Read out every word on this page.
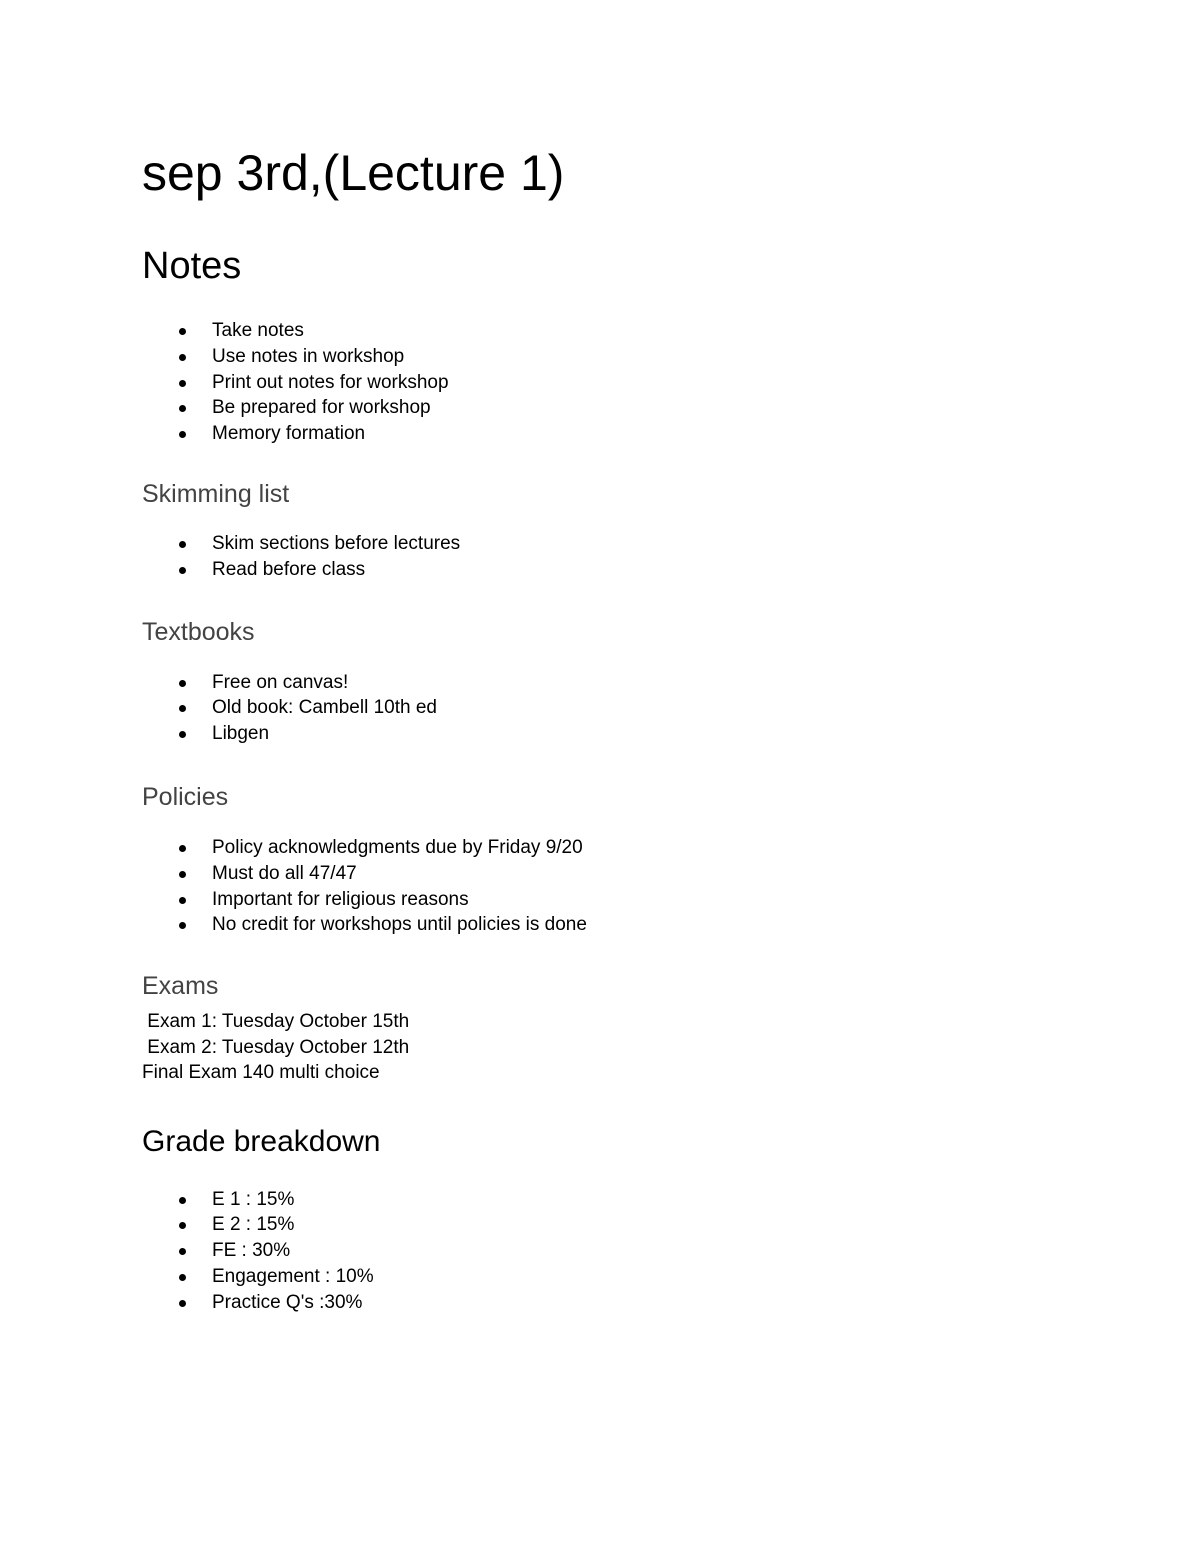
sep 3rd,(Lecture 1)
Notes
Take notes
Use notes in workshop
Print out notes for workshop
Be prepared for workshop
Memory formation
Skimming list
Skim sections before lectures
Read before class
Textbooks
Free on canvas!
Old book: Cambell 10th ed
Libgen
Policies
Policy acknowledgments due by Friday 9/20
Must do all 47/47
Important for religious reasons
No credit for workshops until policies is done
Exams
Exam 1: Tuesday October 15th
Exam 2: Tuesday October 12th
Final Exam 140 multi choice
Grade breakdown
E 1 : 15%
E 2 : 15%
FE : 30%
Engagement : 10%
Practice Q's :30%
